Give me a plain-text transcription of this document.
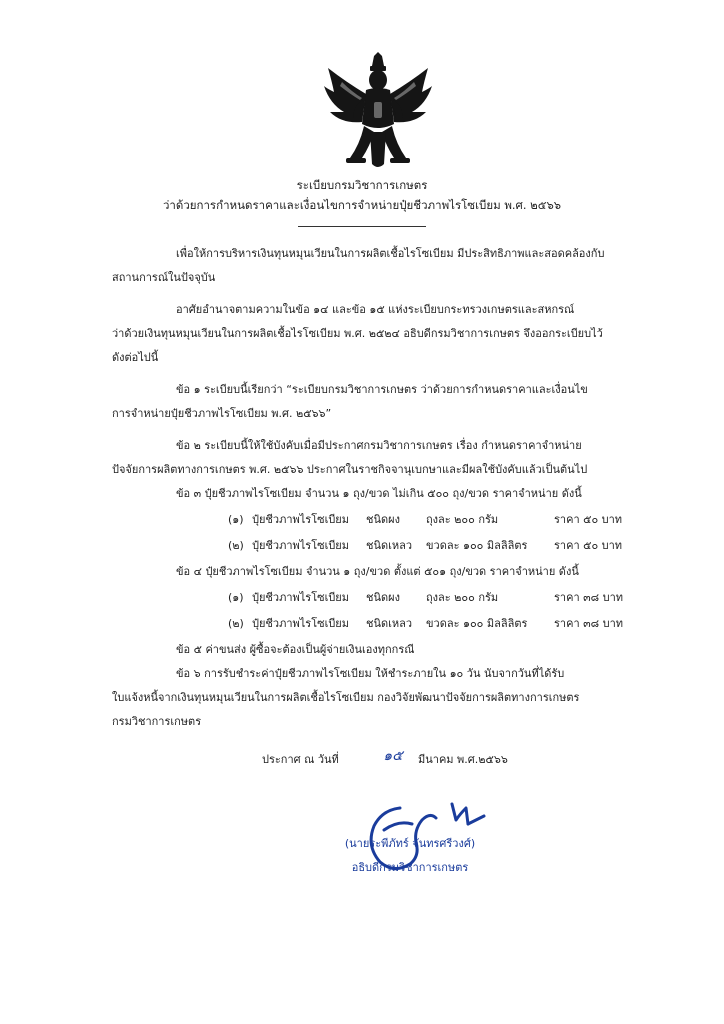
ระเบียบกรมวิชาการเกษตร
ว่าด้วยการกำหนดราคาและเงื่อนไขการจำหน่ายปุ๋ยชีวภาพไรโซเบียม พ.ศ. ๒๕๖๖
เพื่อให้การบริหารเงินทุนหมุนเวียนในการผลิตเชื้อไรโซเบียม มีประสิทธิภาพและสอดคล้องกับ
สถานการณ์ในปัจจุบัน
อาศัยอำนาจตามความในข้อ ๑๔ และข้อ ๑๕ แห่งระเบียบกระทรวงเกษตรและสหกรณ์
ว่าด้วยเงินทุนหมุนเวียนในการผลิตเชื้อไรโซเบียม พ.ศ. ๒๕๒๔ อธิบดีกรมวิชาการเกษตร จึงออกระเบียบไว้
ดังต่อไปนี้
ข้อ ๑ ระเบียบนี้เรียกว่า “ระเบียบกรมวิชาการเกษตร ว่าด้วยการกำหนดราคาและเงื่อนไข
การจำหน่ายปุ๋ยชีวภาพไรโซเบียม พ.ศ. ๒๕๖๖”
ข้อ ๒ ระเบียบนี้ให้ใช้บังคับเมื่อมีประกาศกรมวิชาการเกษตร เรื่อง กำหนดราคาจำหน่าย
ปัจจัยการผลิตทางการเกษตร พ.ศ. ๒๕๖๖ ประกาศในราชกิจจานุเบกษาและมีผลใช้บังคับแล้วเป็นต้นไป
ข้อ ๓ ปุ๋ยชีวภาพไรโซเบียม จำนวน ๑ ถุง/ขวด ไม่เกิน ๕๐๐ ถุง/ขวด ราคาจำหน่าย ดังนี้
(๑) ปุ๋ยชีวภาพไรโซเบียม ชนิดผง ถุงละ ๒๐๐ กรัม	ราคา ๕๐ บาท
(๒) ปุ๋ยชีวภาพไรโซเบียม ชนิดเหลว ขวดละ ๑๐๐ มิลลิลิตร ราคา ๕๐ บาท
ข้อ ๔ ปุ๋ยชีวภาพไรโซเบียม จำนวน ๑ ถุง/ขวด ตั้งแต่ ๕๐๑ ถุง/ขวด ราคาจำหน่าย ดังนี้
(๑) ปุ๋ยชีวภาพไรโซเบียม ชนิดผง ถุงละ ๒๐๐ กรัม	ราคา ๓๘ บาท
(๒) ปุ๋ยชีวภาพไรโซเบียม ชนิดเหลว ขวดละ ๑๐๐ มิลลิลิตร ราคา ๓๘ บาท
ข้อ ๕ ค่าขนส่ง ผู้ซื้อจะต้องเป็นผู้จ่ายเงินเองทุกกรณี
ข้อ ๖ การรับชำระค่าปุ๋ยชีวภาพไรโซเบียม ให้ชำระภายใน ๑๐ วัน นับจากวันที่ได้รับ
ใบแจ้งหนี้จากเงินทุนหมุนเวียนในการผลิตเชื้อไรโซเบียม กองวิจัยพัฒนาปัจจัยการผลิตทางการเกษตร
กรมวิชาการเกษตร
ประกาศ ณ วันที่	๑๕	มีนาคม พ.ศ.๒๕๖๖
(นายระพีภัทร์ จันทรศรีวงศ์)
อธิบดีกรมวิชาการเกษตร
